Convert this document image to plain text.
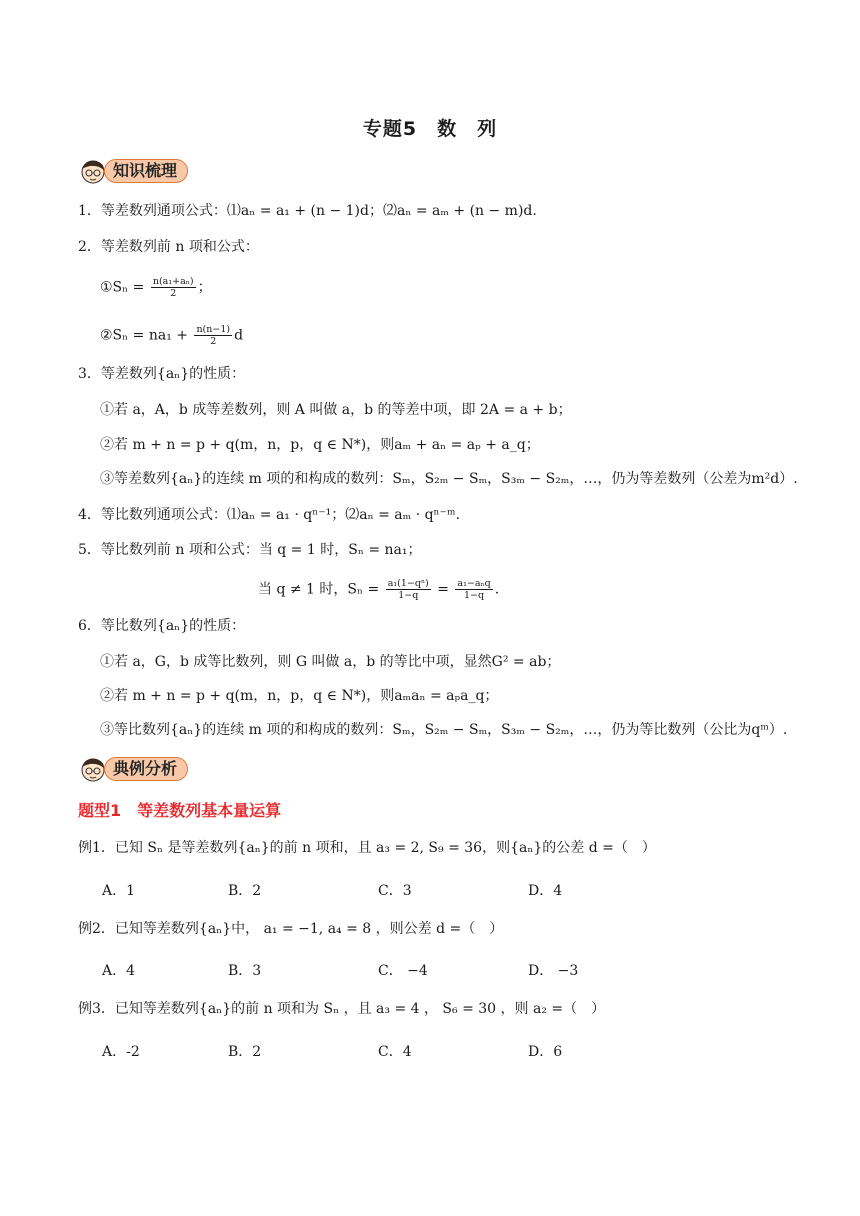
专题5　数　列
知识梳理
1．等差数列通项公式：⑴aₙ = a₁ + (n − 1)d；⑵aₙ = aₘ + (n − m)d.
2．等差数列前 n 项和公式：
①Sₙ = $\frac{\text{n(a₁+aₙ)}}{2}$ ；
②Sₙ = $na_1 + \frac{n(n-1)}{2}$ d
3．等差数列{aₙ}的性质：
①若 a，A，b 成等差数列，则 A 叫做 a，b 的等差中项，即 2A = a + b；
②若 m + n = p + q(m，n，p，q ∈ N*)，则aₘ + aₙ = aₚ + a_q；
③等差数列{aₙ}的连续 m 项的和构成的数列：Sₘ，S₂ₘ − Sₘ，S₃ₘ − S₂ₘ，…，仍为等差数列（公差为m²d）.
4．等比数列通项公式：⑴aₙ = a₁ · qⁿ⁻¹；⑵aₙ = aₘ · qⁿ⁻ᵐ.
5．等比数列前 n 项和公式：当 q = 1 时，Sₙ = na₁；
当 q ≠ 1 时，$S_n = \frac{\text{a₁(1−qⁿ)}}{1-q} = \frac{\text{a₁−aₙq}}{1-q}$ .
6．等比数列{aₙ}的性质：
①若 a，G，b 成等比数列，则 G 叫做 a，b 的等比中项，显然G² = ab；
②若 m + n = p + q(m，n，p，q ∈ N*)，则aₘaₙ = aₚa_q；
③等比数列{aₙ}的连续 m 项的和构成的数列：Sₘ，S₂ₘ − Sₘ，S₃ₘ − S₂ₘ，…，仍为等比数列（公比为qᵐ）.
典例分析
题型1　等差数列基本量运算
例1．已知 Sₙ 是等差数列{aₙ}的前 n 项和，且 a₃ = 2, S₉ = 36，则{aₙ}的公差 d =（　）
A．1	B．2	C．3	D．4
例2．已知等差数列{aₙ}中， a₁ = −1, a₄ = 8 ，则公差 d =（　）
A．4	B．3	C． −4	D． −3
例3．已知等差数列{aₙ}的前 n 项和为 Sₙ ，且 a₃ = 4 ， S₆ = 30 ，则 a₂ =（　）
A．-2	B．2	C．4	D．6
